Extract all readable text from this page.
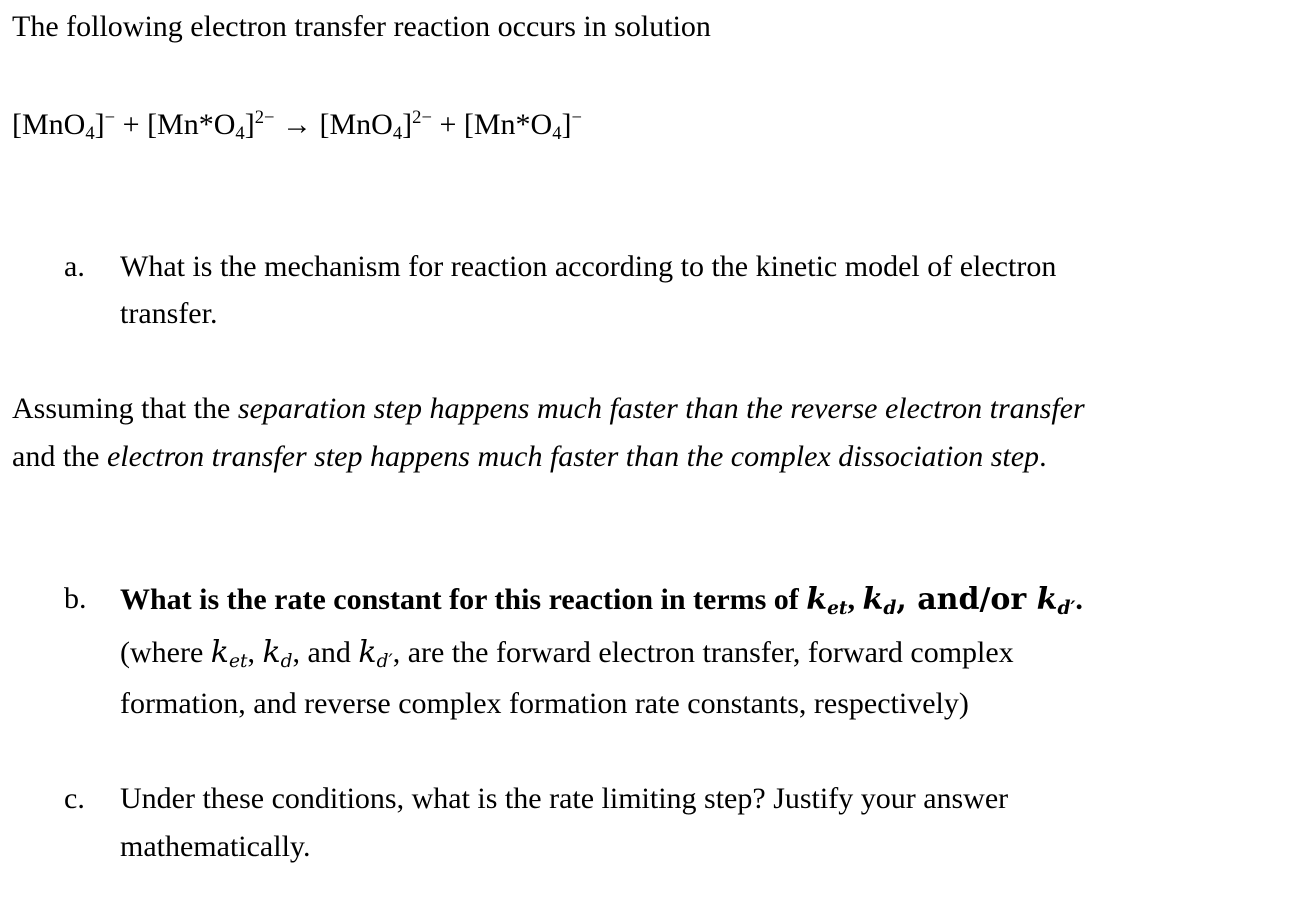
The following electron transfer reaction occurs in solution
$[MnO_4]^- + [Mn*O_4]^{2-} \to [MnO_4]^{2-} + [Mn*O_4]^-$
a. What is the mechanism for reaction according to the kinetic model of electron
transfer.
Assuming that the separation step happens much faster than the reverse electron transfer
and the electron transfer step happens much faster than the complex dissociation step.
b. What is the rate constant for this reaction in terms of ket, kd, and/or kd′.
(where ket, kd, and kd′, are the forward electron transfer, forward complex
formation, and reverse complex formation rate constants, respectively)
c. Under these conditions, what is the rate limiting step? Justify your answer
mathematically.
